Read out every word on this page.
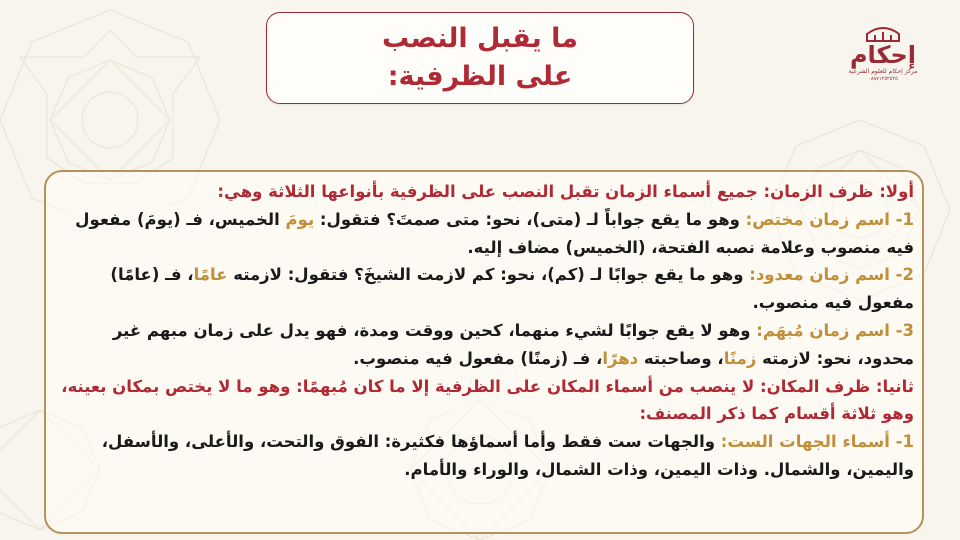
ما يقبل النصب
على الظرفية:
إحكام
مركز إحكام للعلوم الشرعية
٠٨٨٧١٢٥٢٥٢٥

أولا: ظرف الزمان: جميع أسماء الزمان تقبل النصب على الظرفية بأنواعها الثلاثة وهي:

1- اسم زمان مختص: وهو ما يقع جواباً لـ (متى)، نحو: متى صمتَ؟ فتقول: يومَ الخميس، فـ (يومَ) مفعول فيه منصوب وعلامة نصبه الفتحة، (الخميس) مضاف إليه.

2- اسم زمان معدود: وهو ما يقع جوابًا لـ (كم)، نحو: كم لازمت الشيخَ؟ فتقول: لازمته عامًا، فـ (عامًا) مفعول فيه منصوب.

3- اسم زمان مُبهَم: وهو لا يقع جوابًا لشيء منهما، كحين ووقت ومدة، فهو يدل على زمان مبهم غير محدود، نحو: لازمته زمنًا، وصاحبته دهرًا، فـ (زمنًا) مفعول فيه منصوب.

ثانيا: ظرف المكان: لا ينصب من أسماء المكان على الظرفية إلا ما كان مُبهمًا: وهو ما لا يختص بمكان بعينه، وهو ثلاثة أقسام كما ذكر المصنف:

1- أسماء الجهات الست: والجهات ست فقط وأما أسماؤها فكثيرة: الفوق والتحت، والأعلى، والأسفل، واليمين، والشمال. وذات اليمين، وذات الشمال، والوراء والأمام.
